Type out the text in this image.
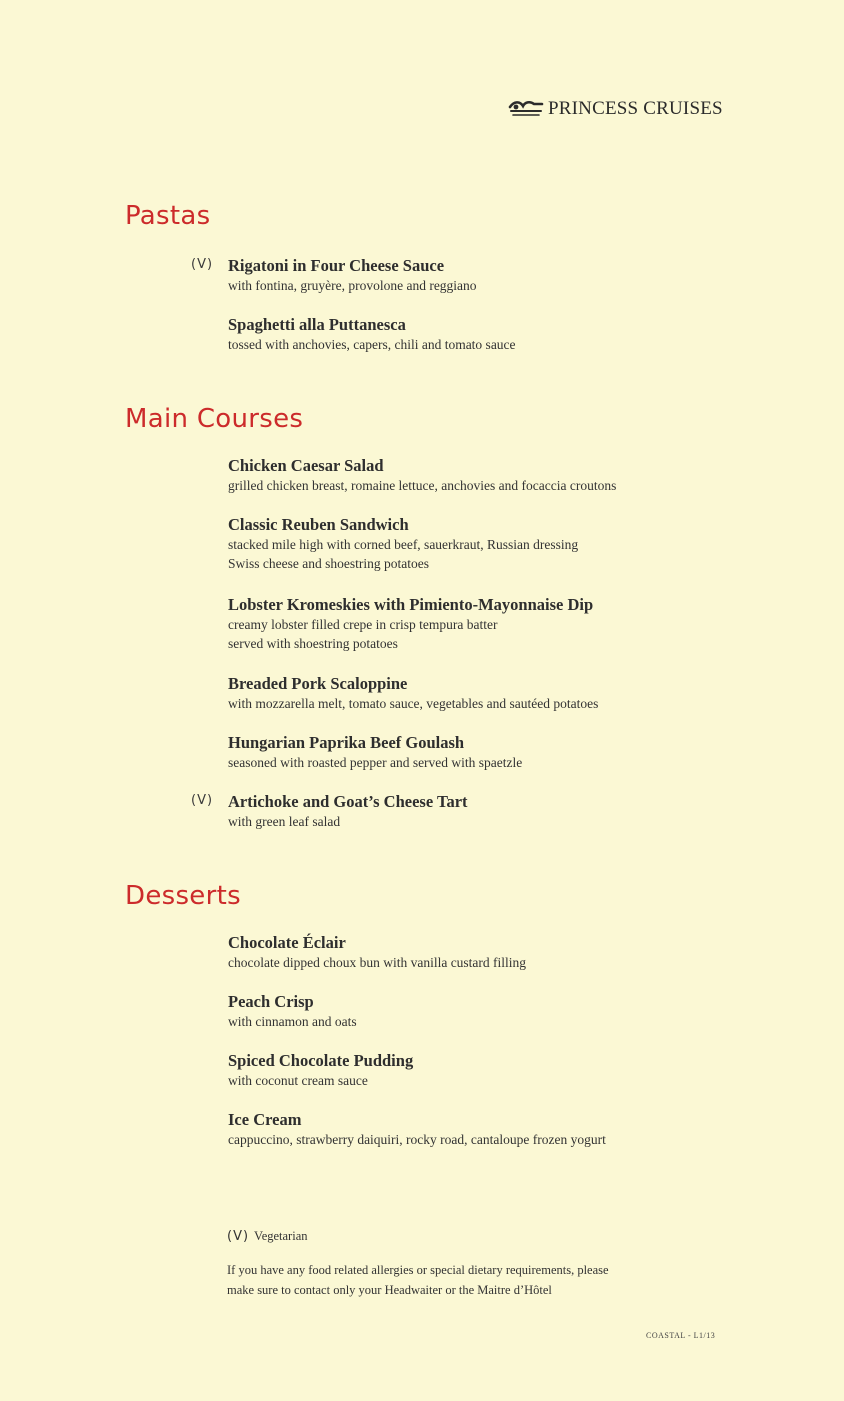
PRINCESS CRUISES
Pastas
(V) Rigatoni in Four Cheese Sauce
with fontina, gruyère, provolone and reggiano
Spaghetti alla Puttanesca
tossed with anchovies, capers, chili and tomato sauce
Main Courses
Chicken Caesar Salad
grilled chicken breast, romaine lettuce, anchovies and focaccia croutons
Classic Reuben Sandwich
stacked mile high with corned beef, sauerkraut, Russian dressing
Swiss cheese and shoestring potatoes
Lobster Kromeskies with Pimiento-Mayonnaise Dip
creamy lobster filled crepe in crisp tempura batter
served with shoestring potatoes
Breaded Pork Scaloppine
with mozzarella melt, tomato sauce, vegetables and sautéed potatoes
Hungarian Paprika Beef Goulash
seasoned with roasted pepper and served with spaetzle
(V) Artichoke and Goat’s Cheese Tart
with green leaf salad
Desserts
Chocolate Éclair
chocolate dipped choux bun with vanilla custard filling
Peach Crisp
with cinnamon and oats
Spiced Chocolate Pudding
with coconut cream sauce
Ice Cream
cappuccino, strawberry daiquiri, rocky road, cantaloupe frozen yogurt
(V) Vegetarian
If you have any food related allergies or special dietary requirements, please
make sure to contact only your Headwaiter or the Maitre d’Hôtel
COASTAL - L1/13
